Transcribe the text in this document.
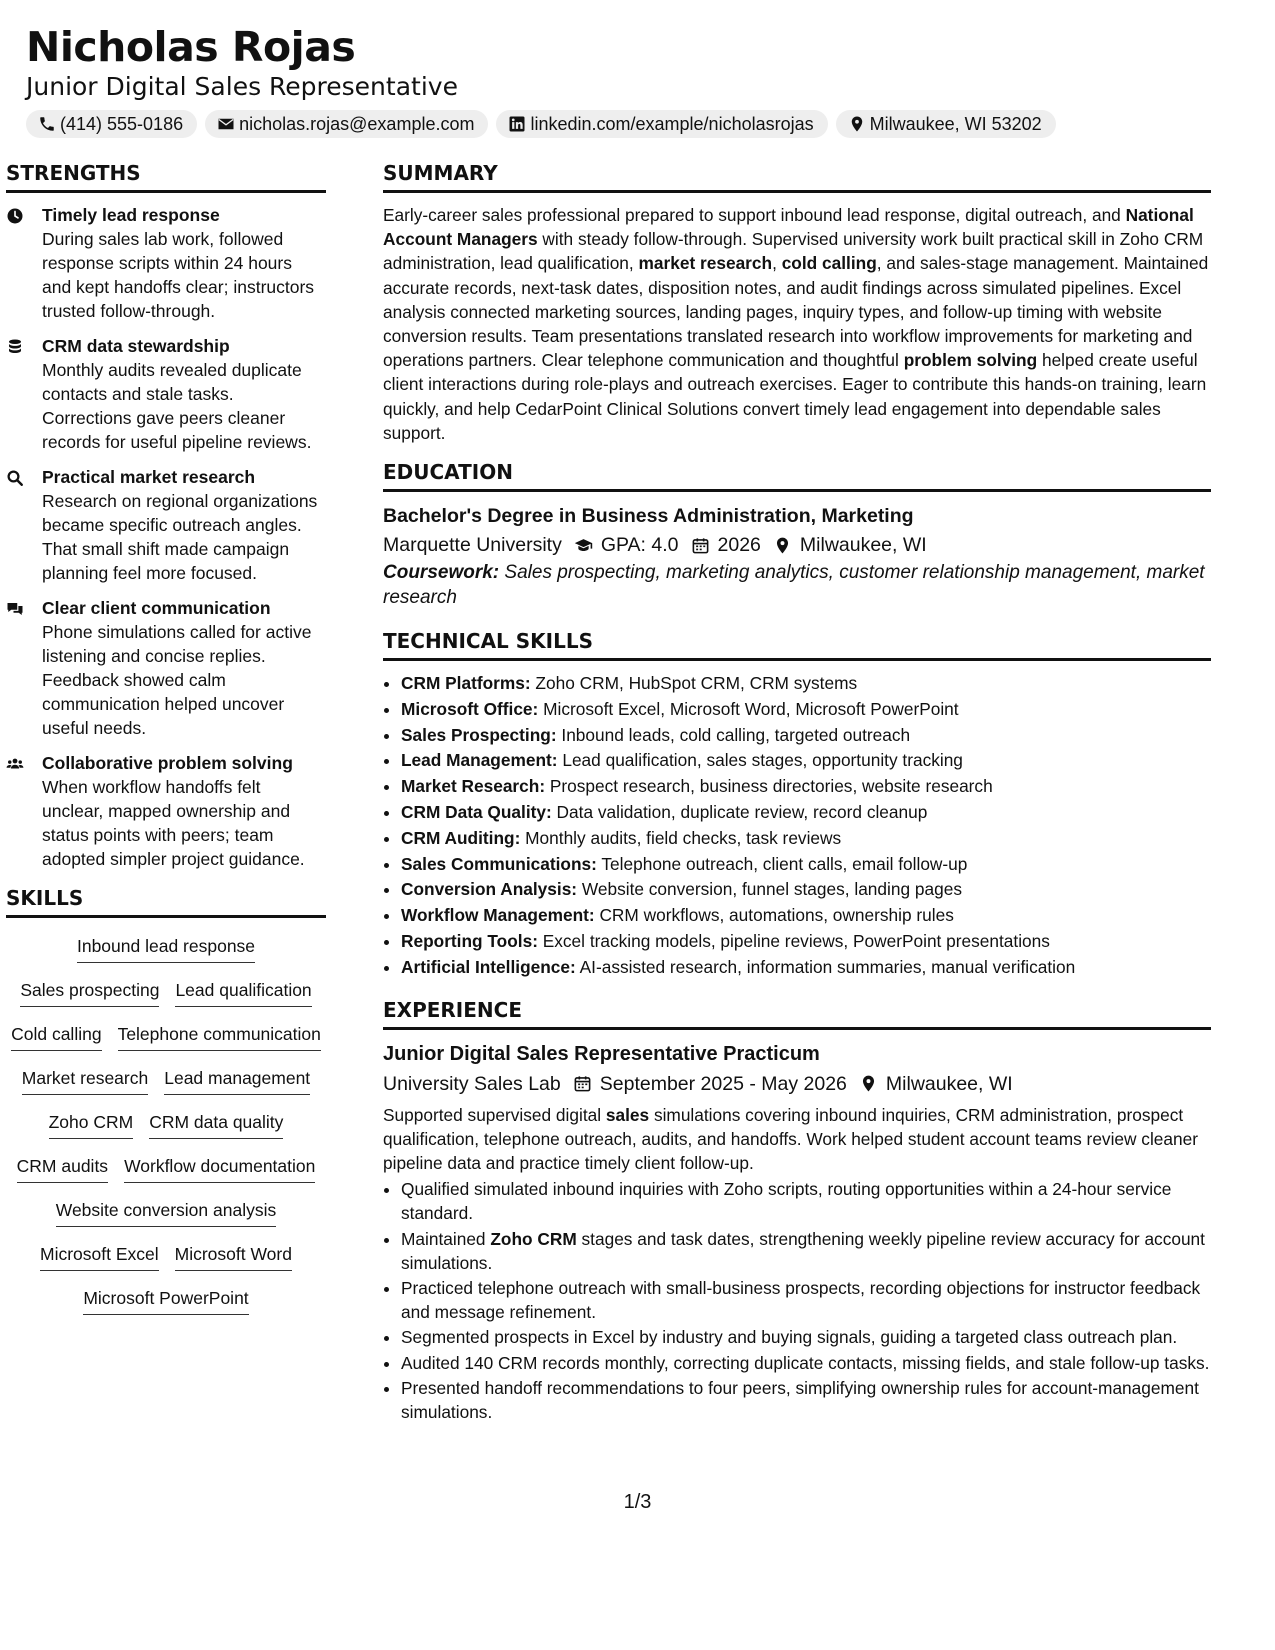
Nicholas Rojas
Junior Digital Sales Representative
(414) 555-0186	nicholas.rojas@example.com	linkedin.com/example/nicholasrojas	Milwaukee, WI 53202
STRENGTHS
Timely lead response
During sales lab work, followed response scripts within 24 hours and kept handoffs clear; instructors trusted follow-through.
CRM data stewardship
Monthly audits revealed duplicate contacts and stale tasks. Corrections gave peers cleaner records for useful pipeline reviews.
Practical market research
Research on regional organizations became specific outreach angles. That small shift made campaign planning feel more focused.
Clear client communication
Phone simulations called for active listening and concise replies. Feedback showed calm communication helped uncover useful needs.
Collaborative problem solving
When workflow handoffs felt unclear, mapped ownership and status points with peers; team adopted simpler project guidance.
SKILLS
Inbound lead response
Sales prospecting Lead qualification
Cold calling Telephone communication
Market research Lead management
Zoho CRM CRM data quality
CRM audits Workflow documentation
Website conversion analysis
Microsoft Excel Microsoft Word
Microsoft PowerPoint
SUMMARY

Early-career sales professional prepared to support inbound lead response, digital outreach, and National Account Managers with steady follow-through. Supervised university work built practical skill in Zoho CRM administration, lead qualification, market research, cold calling, and sales-stage management. Maintained accurate records, next-task dates, disposition notes, and audit findings across simulated pipelines. Excel analysis connected marketing sources, landing pages, inquiry types, and follow-up timing with website conversion results. Team presentations translated research into workflow improvements for marketing and operations partners. Clear telephone communication and thoughtful problem solving helped create useful client interactions during role-plays and outreach exercises. Eager to contribute this hands-on training, learn quickly, and help CedarPoint Clinical Solutions convert timely lead engagement into dependable sales support.

EDUCATION
Bachelor's Degree in Business Administration, Marketing
Marquette University GPA: 4.0 2026 Milwaukee, WI
Coursework: Sales prospecting, marketing analytics, customer relationship management, market research
TECHNICAL SKILLS
• CRM Platforms: Zoho CRM, HubSpot CRM, CRM systems
• Microsoft Office: Microsoft Excel, Microsoft Word, Microsoft PowerPoint
• Sales Prospecting: Inbound leads, cold calling, targeted outreach
• Lead Management: Lead qualification, sales stages, opportunity tracking
• Market Research: Prospect research, business directories, website research
• CRM Data Quality: Data validation, duplicate review, record cleanup
• CRM Auditing: Monthly audits, field checks, task reviews
• Sales Communications: Telephone outreach, client calls, email follow-up
• Conversion Analysis: Website conversion, funnel stages, landing pages
• Workflow Management: CRM workflows, automations, ownership rules
• Reporting Tools: Excel tracking models, pipeline reviews, PowerPoint presentations
• Artificial Intelligence: AI-assisted research, information summaries, manual verification
EXPERIENCE
Junior Digital Sales Representative Practicum
University Sales Lab September 2025 - May 2026 Milwaukee, WI

Supported supervised digital sales simulations covering inbound inquiries, CRM administration, prospect qualification, telephone outreach, audits, and handoffs. Work helped student account teams review cleaner pipeline data and practice timely client follow-up.

• Qualified simulated inbound inquiries with Zoho scripts, routing opportunities within a 24-hour service standard.
• Maintained Zoho CRM stages and task dates, strengthening weekly pipeline review accuracy for account simulations.
• Practiced telephone outreach with small-business prospects, recording objections for instructor feedback and message refinement.
• Segmented prospects in Excel by industry and buying signals, guiding a targeted class outreach plan.
• Audited 140 CRM records monthly, correcting duplicate contacts, missing fields, and stale follow-up tasks.
• Presented handoff recommendations to four peers, simplifying ownership rules for account-management simulations.
1/3
